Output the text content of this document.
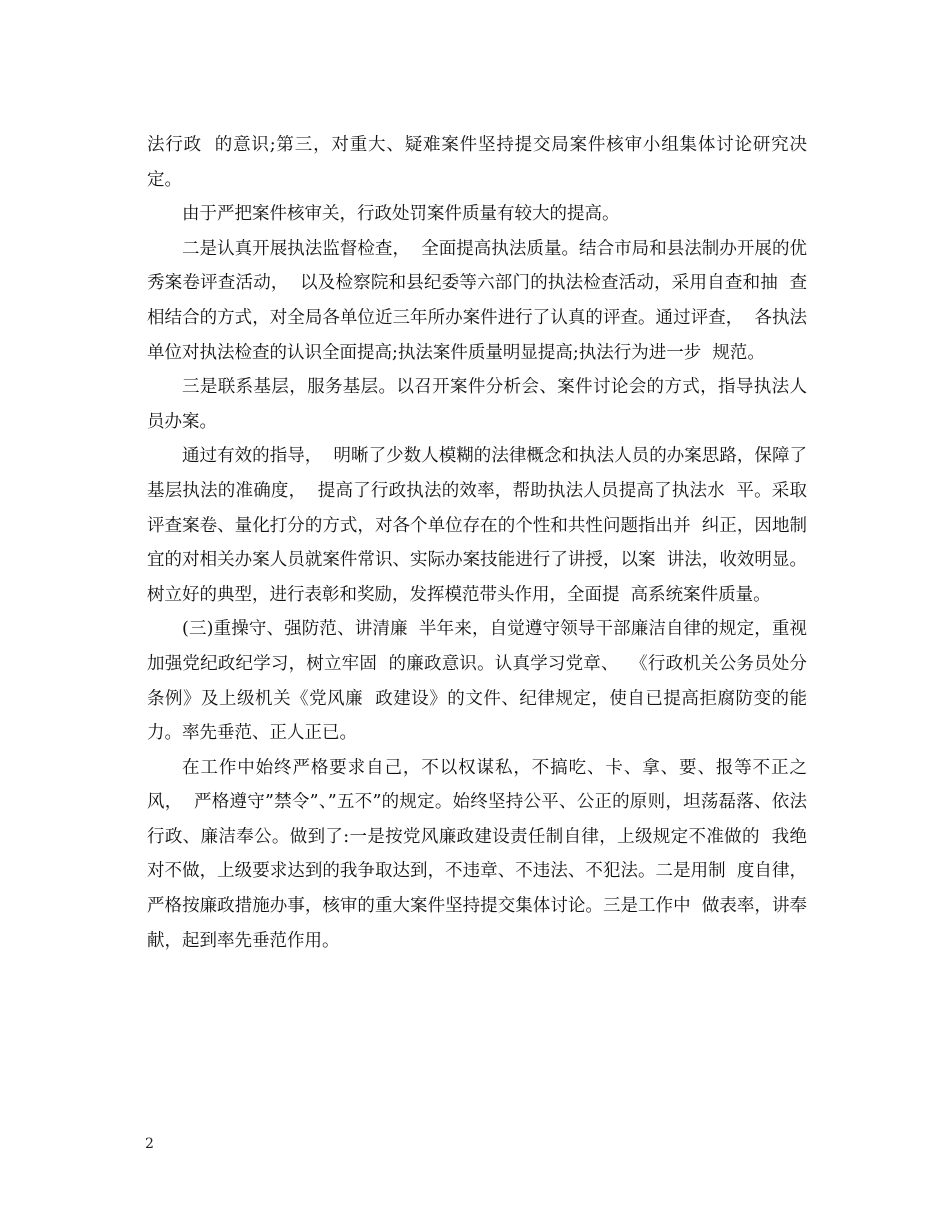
法行政  的意识;第三，对重大、疑难案件坚持提交局案件核审小组集体讨论研究决定。

由于严把案件核审关，行政处罚案件质量有较大的提高。

二是认真开展执法监督检查，  全面提高执法质量。结合市局和县法制办开展的优  秀案卷评查活动，  以及检察院和县纪委等六部门的执法检查活动，采用自查和抽  查相结合的方式，对全局各单位近三年所办案件进行了认真的评查。通过评查，  各执法单位对执法检查的认识全面提高;执法案件质量明显提高;执法行为进一步  规范。

三是联系基层，服务基层。以召开案件分析会、案件讨论会的方式，指导执法人  员办案。

通过有效的指导，  明晰了少数人模糊的法律概念和执法人员的办案思路，保障了基层执法的准确度，  提高了行政执法的效率，帮助执法人员提高了执法水  平。采取评查案卷、量化打分的方式，对各个单位存在的个性和共性问题指出并  纠正，因地制宜的对相关办案人员就案件常识、实际办案技能进行了讲授，以案  讲法，收效明显。树立好的典型，进行表彰和奖励，发挥模范带头作用，全面提  高系统案件质量。

(三)重操守、强防范、讲清廉  半年来，自觉遵守领导干部廉洁自律的规定，重视加强党纪政纪学习，树立牢固  的廉政意识。认真学习党章、  《行政机关公务员处分条例》及上级机关《党风廉  政建设》的文件、纪律规定，使自已提高拒腐防变的能力。率先垂范、正人正已。

在工作中始终严格要求自己，不以权谋私，不搞吃、卡、拿、要、报等不正之风，  严格遵守”禁令”、”五不”的规定。始终坚持公平、公正的原则，坦荡磊落、依法  行政、廉洁奉公。做到了:一是按党风廉政建设责任制自律，上级规定不准做的  我绝对不做，上级要求达到的我争取达到，不违章、不违法、不犯法。二是用制  度自律，严格按廉政措施办事，核审的重大案件坚持提交集体讨论。三是工作中  做表率，讲奉献，起到率先垂范作用。

2
